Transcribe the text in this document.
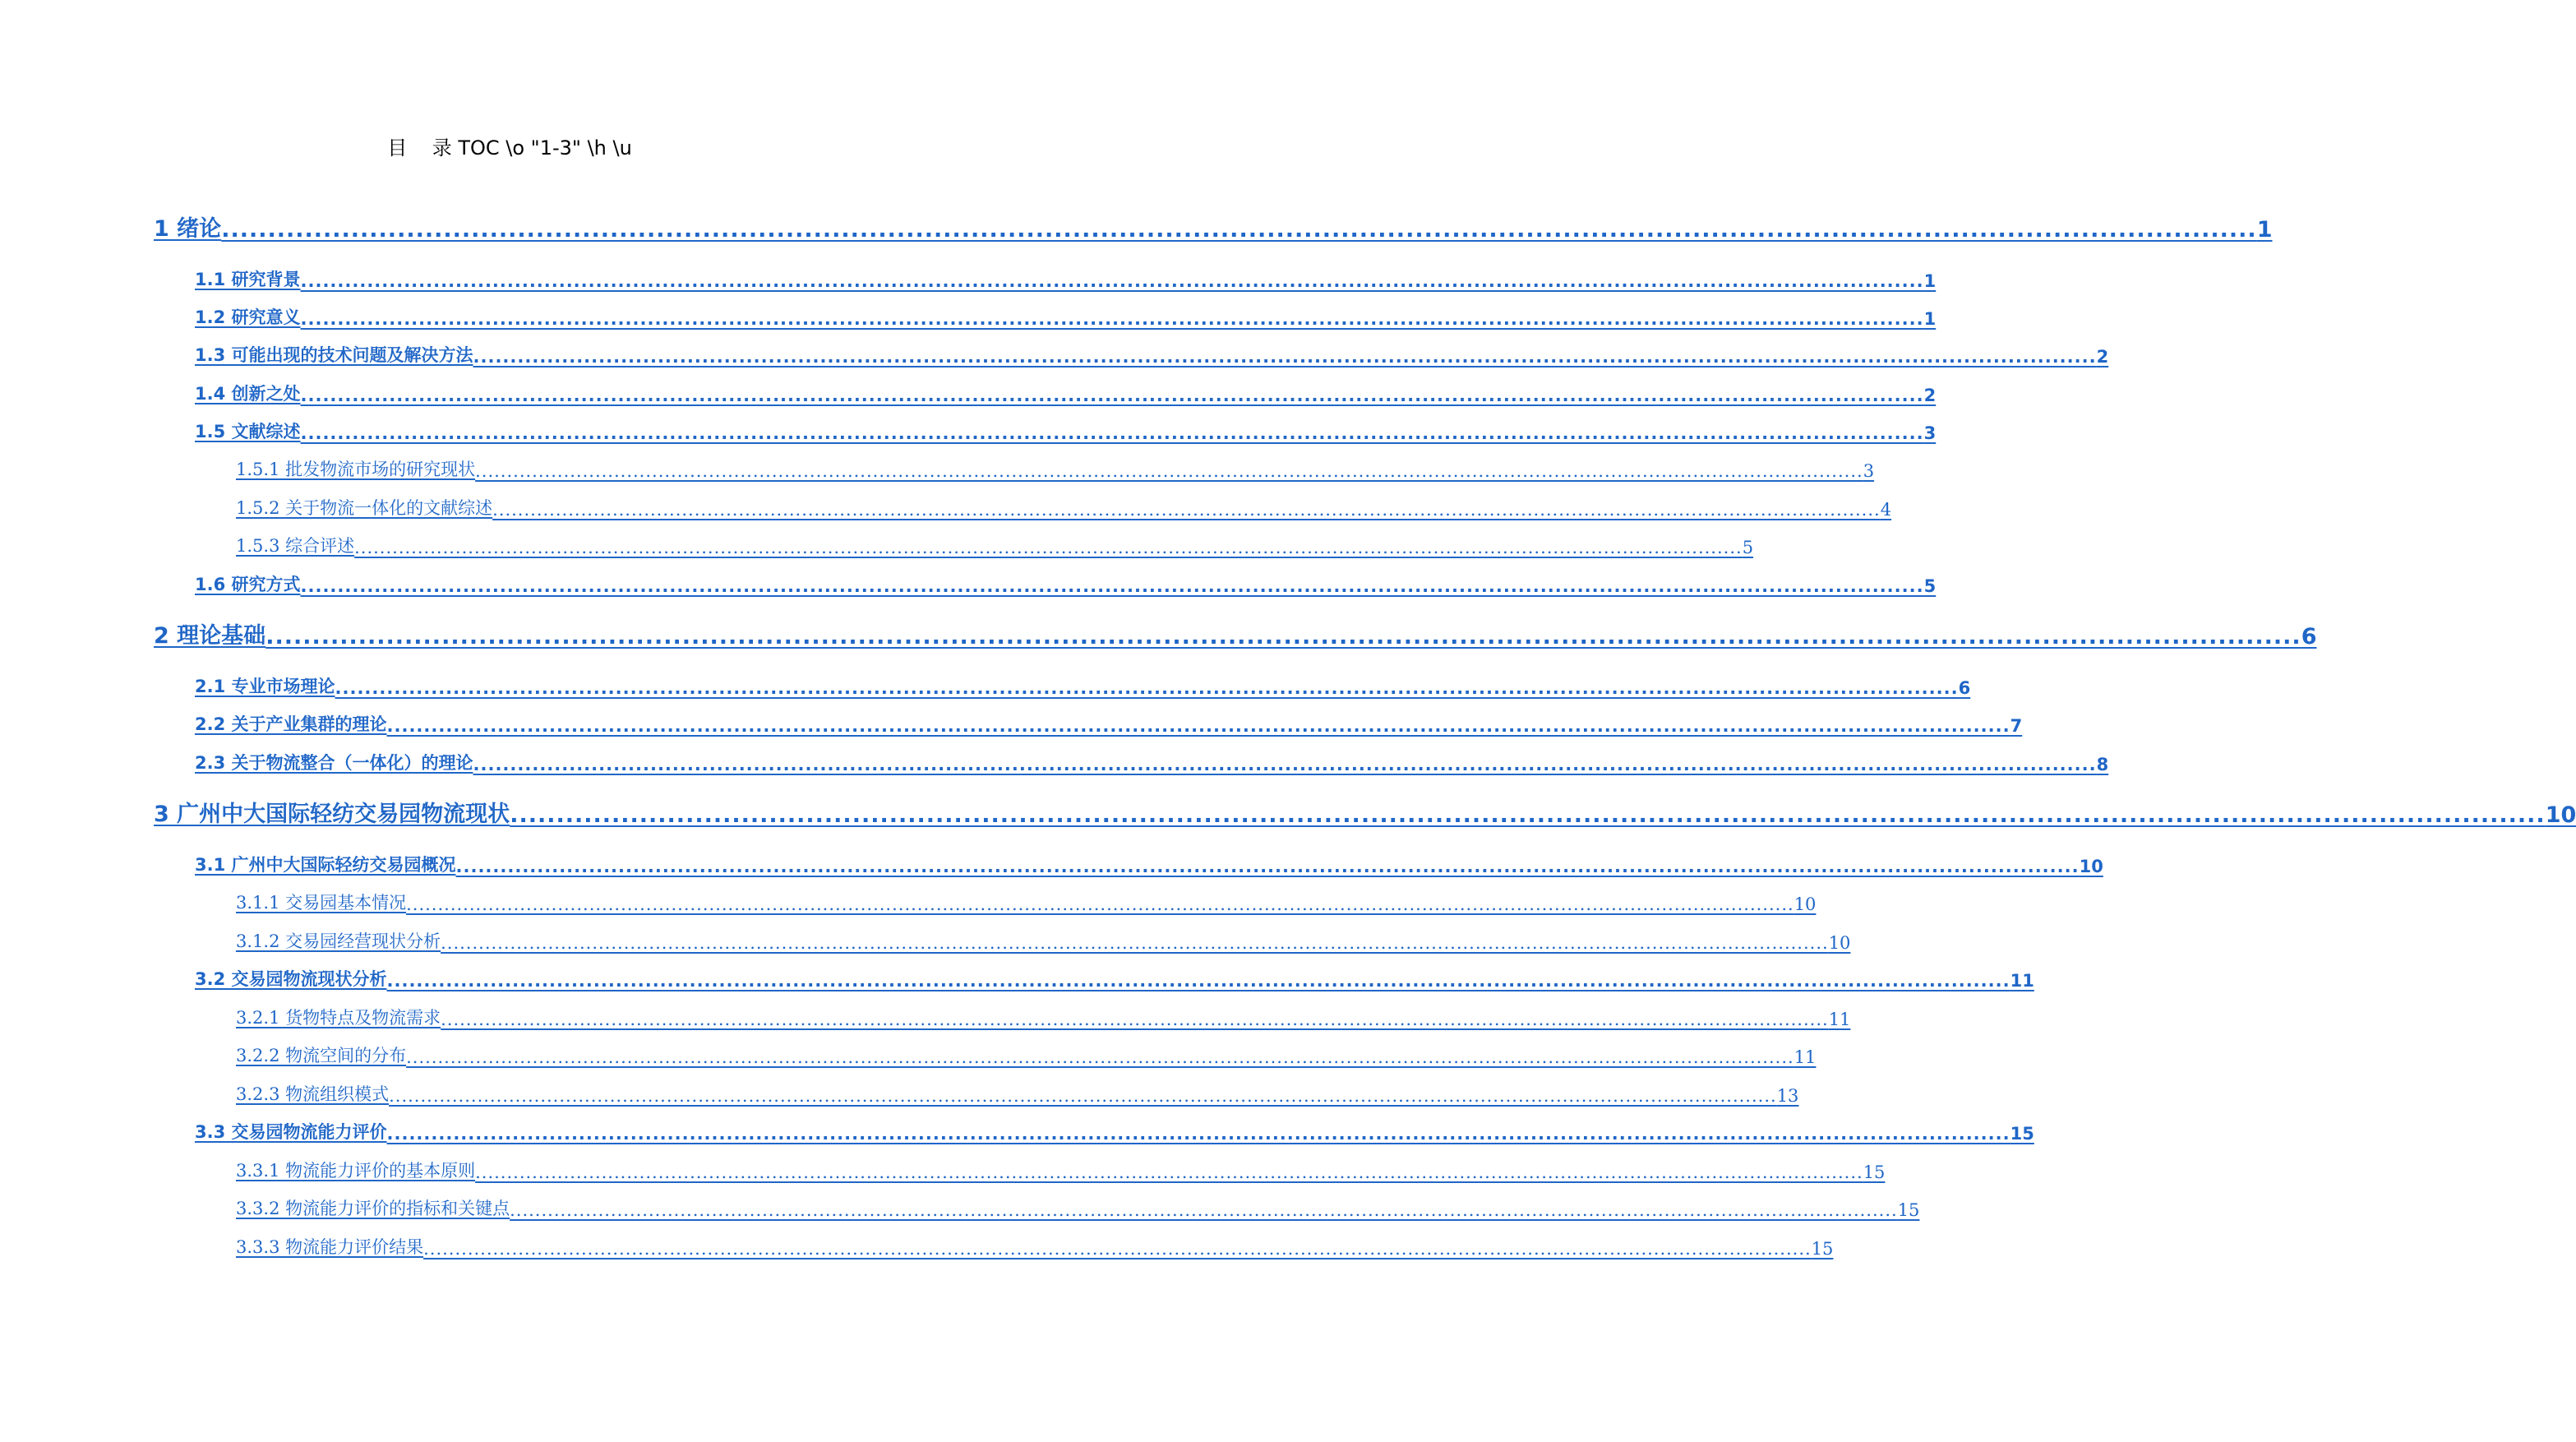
目    录 TOC \o "1-3" \h \u
1 绪论 ............................................................................................................................................................................................................................ 1
1.1 研究背景 ............................................................................................................................................................................................................................ 1
1.2 研究意义 ............................................................................................................................................................................................................................ 1
1.3 可能出现的技术问题及解决方法 ............................................................................................................................................................................................................................ 2
1.4 创新之处 ............................................................................................................................................................................................................................ 2
1.5 文献综述 ............................................................................................................................................................................................................................ 3
1.5.1 批发物流市场的研究现状 ............................................................................................................................................................................................................................ 3
1.5.2 关于物流一体化的文献综述 ............................................................................................................................................................................................................................ 4
1.5.3 综合评述 ............................................................................................................................................................................................................................ 5
1.6 研究方式 ............................................................................................................................................................................................................................ 5
2 理论基础 ............................................................................................................................................................................................................................ 6
2.1 专业市场理论 ............................................................................................................................................................................................................................ 6
2.2 关于产业集群的理论 ............................................................................................................................................................................................................................ 7
2.3 关于物流整合（一体化）的理论 ............................................................................................................................................................................................................................ 8
3 广州中大国际轻纺交易园物流现状 ............................................................................................................................................................................................................................ 10
3.1 广州中大国际轻纺交易园概况 ............................................................................................................................................................................................................................ 10
3.1.1 交易园基本情况 ............................................................................................................................................................................................................................ 10
3.1.2 交易园经营现状分析 ............................................................................................................................................................................................................................ 10
3.2 交易园物流现状分析 ............................................................................................................................................................................................................................ 11
3.2.1 货物特点及物流需求 ............................................................................................................................................................................................................................ 11
3.2.2 物流空间的分布 ............................................................................................................................................................................................................................ 11
3.2.3 物流组织模式 ............................................................................................................................................................................................................................ 13
3.3 交易园物流能力评价 ............................................................................................................................................................................................................................ 15
3.3.1 物流能力评价的基本原则 ............................................................................................................................................................................................................................ 15
3.3.2 物流能力评价的指标和关键点 ............................................................................................................................................................................................................................ 15
3.3.3 物流能力评价结果 ............................................................................................................................................................................................................................ 15
